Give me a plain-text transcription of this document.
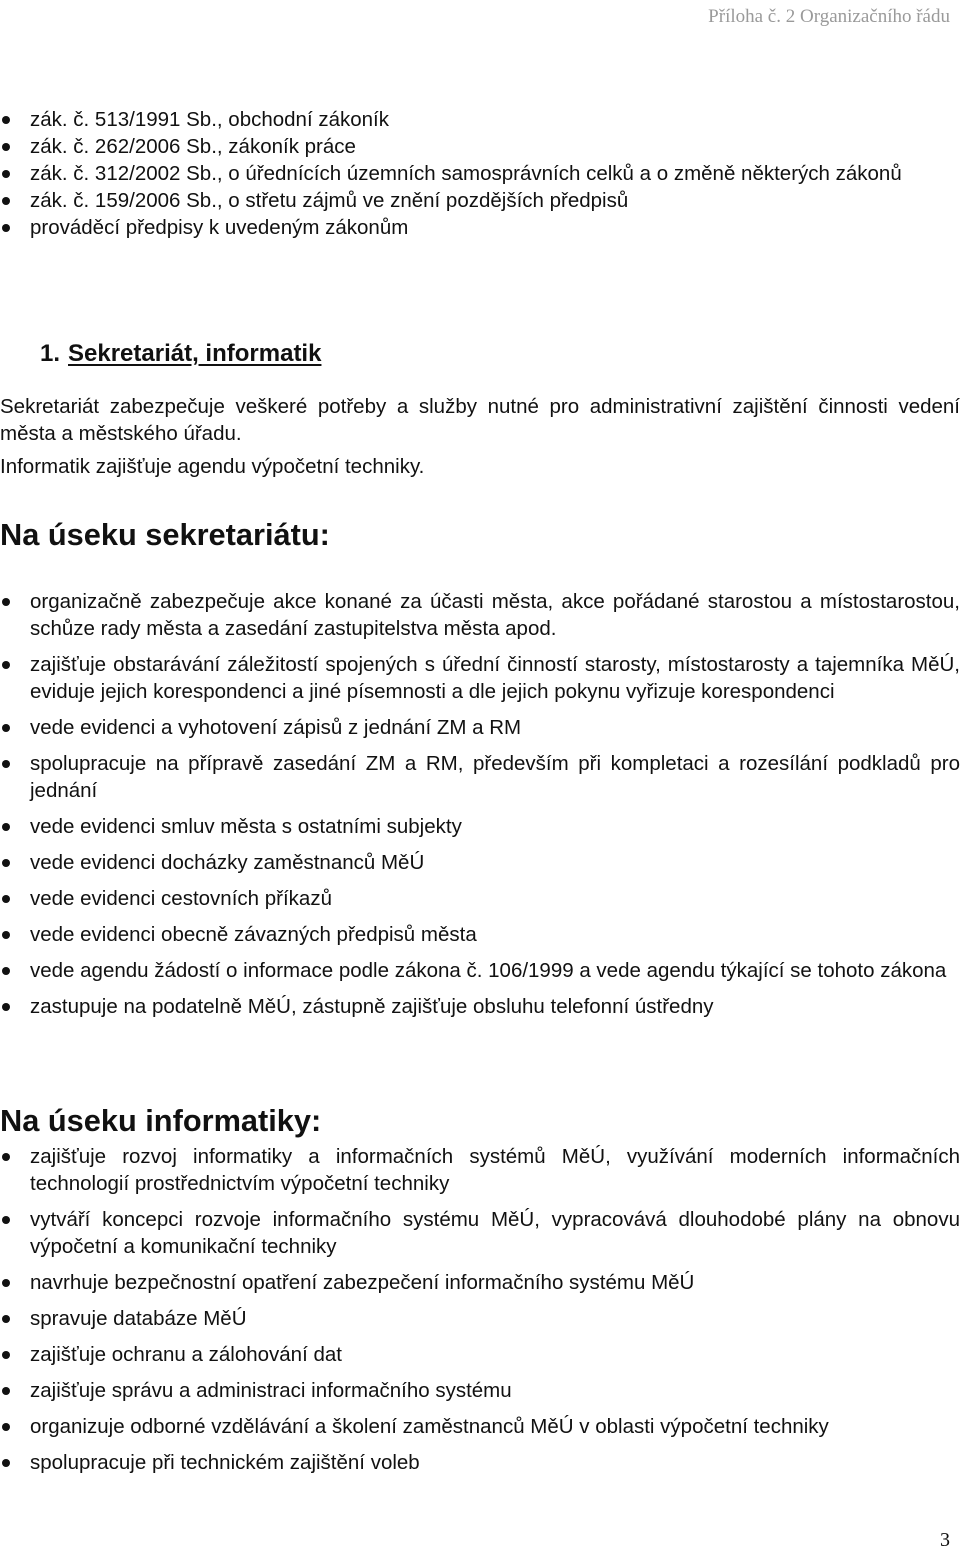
Příloha č. 2 Organizačního řádu
zák. č. 513/1991 Sb., obchodní zákoník
zák. č. 262/2006 Sb., zákoník práce
zák. č. 312/2002 Sb., o úřednících územních samosprávních celků a o změně některých zákonů
zák. č. 159/2006 Sb., o střetu zájmů ve znění pozdějších předpisů
prováděcí předpisy k uvedeným zákonům
1. Sekretariát, informatik

Sekretariát zabezpečuje veškeré potřeby a služby nutné pro administrativní zajištění činnosti vedení města a městského úřadu.

Informatik zajišťuje agendu výpočetní techniky.

Na úseku sekretariátu:
organizačně zabezpečuje akce konané za účasti města, akce pořádané starostou a místostarostou, schůze rady města a zasedání zastupitelstva města apod.
zajišťuje obstarávání záležitostí spojených s úřední činností starosty, místostarosty a tajemníka MěÚ, eviduje jejich korespondenci a jiné písemnosti a dle jejich pokynu vyřizuje korespondenci
vede evidenci a vyhotovení zápisů z jednání ZM a RM
spolupracuje na přípravě zasedání ZM a RM, především při kompletaci a rozesílání podkladů pro jednání
vede evidenci smluv města s ostatními subjekty
vede evidenci docházky zaměstnanců MěÚ
vede evidenci cestovních příkazů
vede evidenci obecně závazných předpisů města
vede agendu žádostí o informace podle zákona č. 106/1999 a vede agendu týkající se tohoto zákona
zastupuje na podatelně MěÚ, zástupně zajišťuje obsluhu telefonní ústředny
Na úseku informatiky:
zajišťuje rozvoj informatiky a informačních systémů MěÚ, využívání moderních informačních technologií prostřednictvím výpočetní techniky
vytváří koncepci rozvoje informačního systému MěÚ, vypracovává dlouhodobé plány na obnovu výpočetní a komunikační techniky
navrhuje bezpečnostní opatření zabezpečení informačního systému MěÚ
spravuje databáze MěÚ
zajišťuje ochranu a zálohování dat
zajišťuje správu a administraci informačního systému
organizuje odborné vzdělávání a školení zaměstnanců MěÚ v oblasti výpočetní techniky
spolupracuje při technickém zajištění voleb
3
